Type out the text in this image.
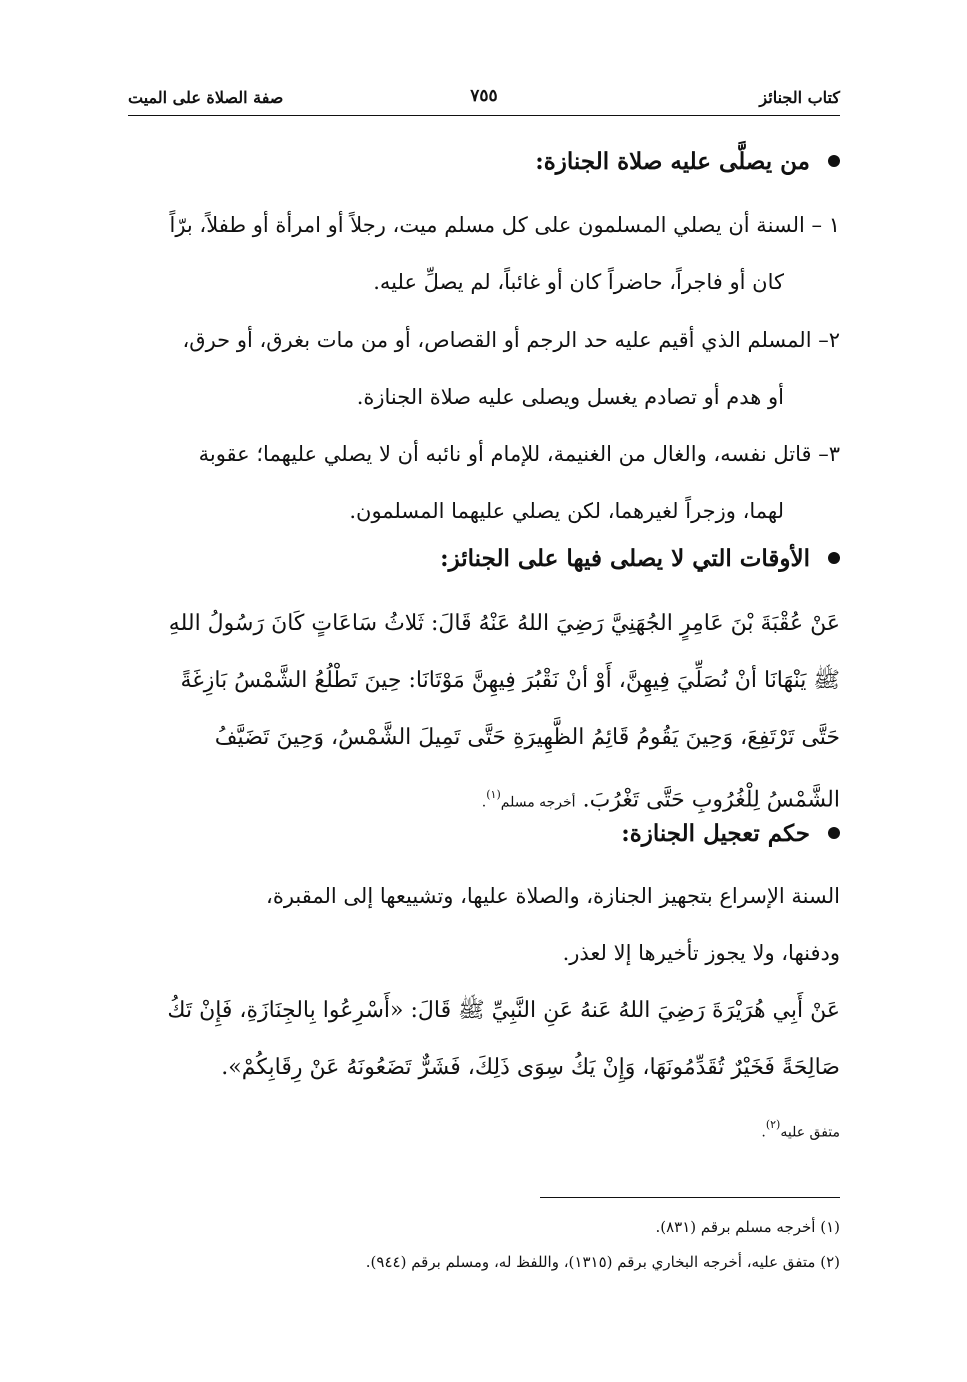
كتاب الجنائز
٧٥٥
صفة الصلاة على الميت
من يصلَّى عليه صلاة الجنازة:
١ – السنة أن يصلي المسلمون على كل مسلم ميت، رجلاً أو امرأة أو طفلاً، برّاً

كان أو فاجراً، حاضراً كان أو غائباً، لم يصلِّ عليه.
٢– المسلم الذي أقيم عليه حد الرجم أو القصاص، أو من مات بغرق، أو حرق،

أو هدم أو تصادم يغسل ويصلى عليه صلاة الجنازة.
٣– قاتل نفسه، والغال من الغنيمة، للإمام أو نائبه أن لا يصلي عليهما؛ عقوبة

لهما، وزجراً لغيرهما، لكن يصلي عليهما المسلمون.
الأوقات التي لا يصلى فيها على الجنائز:
عَنْ عُقْبَةَ بْنَ عَامِرٍ الجُهَنِيَّ رَضِيَ اللهُ عَنْهُ قَالَ: ثَلاثُ سَاعَاتٍ كَانَ رَسُولُ اللهِ
ﷺ يَنْهَانَا أنْ نُصَلِّيَ فِيهِنَّ، أَوْ أنْ نَقْبُرَ فِيهِنَّ مَوْتَانَا: حِينَ تَطْلُعُ الشَّمْسُ بَازِغَةً
حَتَّى تَرْتَفِعَ، وَحِينَ يَقُومُ قَائِمُ الظَّهِيرَةِ حَتَّى تَمِيلَ الشَّمْسُ، وَحِينَ تَضَيَّفُ
الشَّمْسُ لِلْغُرُوبِ حَتَّى تَغْرُبَ. أخرجه مسلم$^{(١)}$.
حكم تعجيل الجنازة:
السنة الإسراع بتجهيز الجنازة، والصلاة عليها، وتشييعها إلى المقبرة،
ودفنها، ولا يجوز تأخيرها إلا لعذر.
عَنْ أَبِي هُرَيْرَةَ رَضِيَ اللهُ عَنهُ عَنِ النَّبِيِّ ﷺ قَالَ: «أَسْرِعُوا بِالجِنَازَةِ، فَإِنْ تَكُ
صَالِحَةً فَخَيْرٌ تُقَدِّمُونَهَا، وَإِنْ يَكُ سِوَى ذَلِكَ، فَشَرٌّ تَضَعُونَهُ عَنْ رِقَابِكُمْ».
متفق عليه$^{(٢)}$.
(١) أخرجه مسلم برقم (٨٣١).
(٢) متفق عليه، أخرجه البخاري برقم (١٣١٥)، واللفظ له، ومسلم برقم (٩٤٤).
